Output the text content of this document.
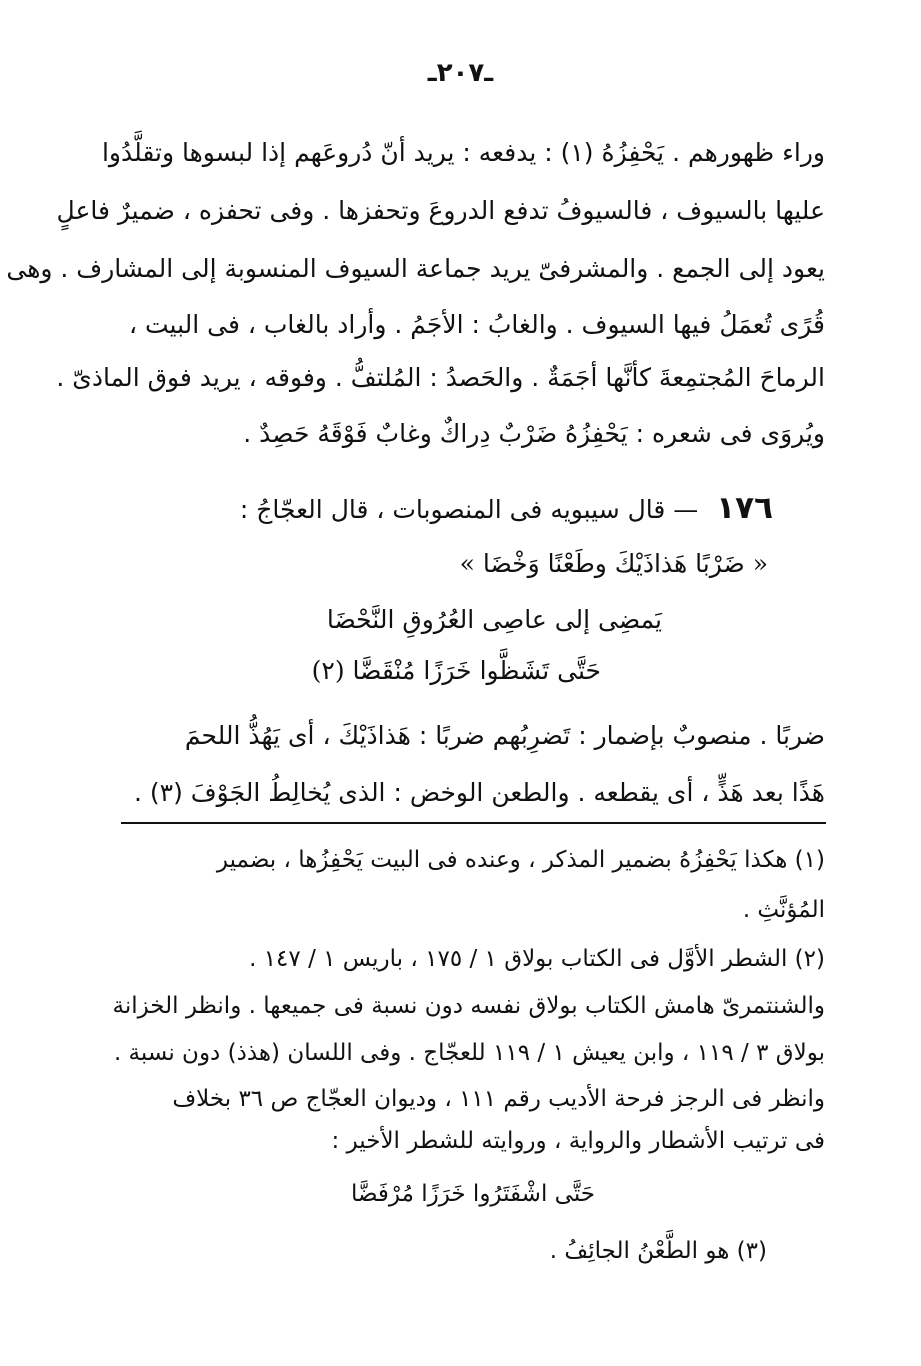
ـ٢٠٧ـ
وراء ظهورهم . يَحْفِزُهُ (١) : يدفعه : يريد أنّ دُروعَهم إذا لبسوها وتقلَّدُوا
عليها بالسيوف ، فالسيوفُ تدفع الدروعَ وتحفزها . وفى تحفزه ، ضميرٌ فاعلٍ
يعود إلى الجمع . والمشرفىّ يريد جماعة السيوف المنسوبة إلى المشارف . وهى
قُرًى تُعمَلُ فيها السيوف . والغابُ : الأجَمُ . وأراد بالغاب ، فى البيت ،
الرماحَ المُجتمِعةَ كأنَّها أجَمَةٌ . والحَصدُ : المُلتفُّ . وفوقه ، يريد فوق الماذىّ .
ويُروَى فى شعره : يَحْفِزُهُ ضَرْبٌ دِراكٌ وغابٌ فَوْقَهُ حَصِدٌ .
١٧٦ — قال سيبويه فى المنصوبات ، قال العجّاجُ :
« ضَرْبًا هَذاذَيْكَ وطَعْنًا وَخْضَا »
يَمضِى إلى عاصِى العُرُوقِ النَّحْضَا
حَتَّى تَشَظَّوا خَرَزًا مُنْقَضَّا (٢)
ضربًا . منصوبٌ بإضمار : تَضرِبُهم ضربًا : هَذاذَيْكَ ، أى يَهُذُّ اللحمَ
هَذًا بعد هَذٍّ ، أى يقطعه . والطعن الوخض : الذى يُخالِطُ الجَوْفَ (٣) .
(١) هكذا يَحْفِزُهُ بضمير المذكر ، وعنده فى البيت يَحْفِزُها ، بضمير
المُؤنَّثِ .
(٢) الشطر الأوَّل فى الكتاب بولاق ١ / ١٧٥ ، باريس ١ / ١٤٧ .
والشنتمرىّ هامش الكتاب بولاق نفسه دون نسبة فى جميعها . وانظر الخزانة
بولاق ٣ / ١١٩ ، وابن يعيش ١ / ١١٩ للعجّاج . وفى اللسان (هذذ) دون نسبة .
وانظر فى الرجز فرحة الأديب رقم ١١١ ، وديوان العجّاج ص ٣٦ بخلاف
فى ترتيب الأشطار والرواية ، وروايته للشطر الأخير :
حَتَّى اشْفَتَرُوا خَرَزًا مُرْفَضَّا
(٣) هو الطَّعْنُ الجائِفُ .
